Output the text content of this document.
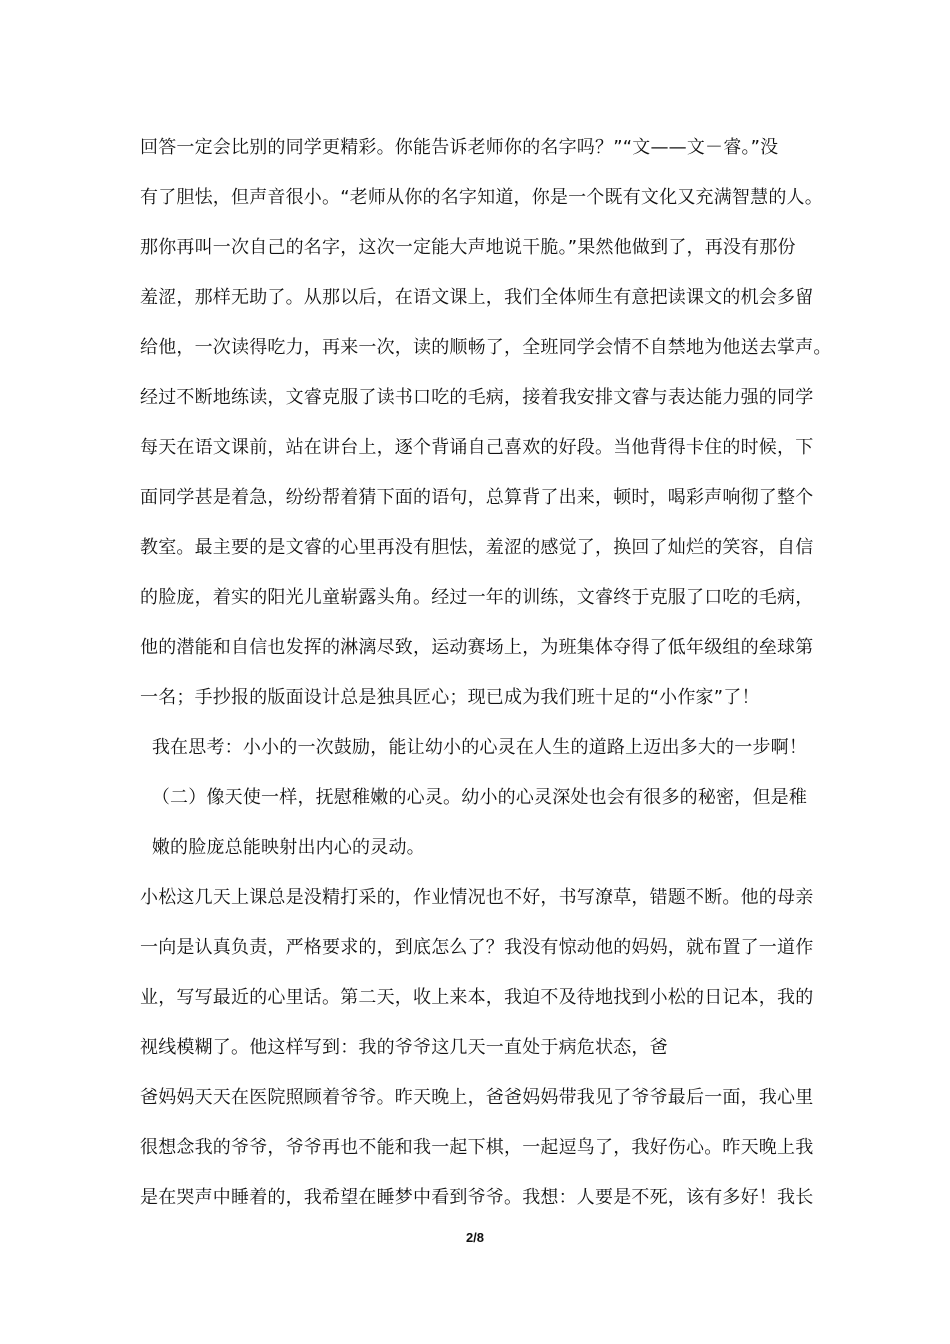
回答一定会比别的同学更精彩。你能告诉老师你的名字吗？”“文——文－睿。”没
有了胆怯，但声音很小。“老师从你的名字知道，你是一个既有文化又充满智慧的人。
那你再叫一次自己的名字，这次一定能大声地说干脆。”果然他做到了，再没有那份
羞涩，那样无助了。从那以后，在语文课上，我们全体师生有意把读课文的机会多留
给他，一次读得吃力，再来一次，读的顺畅了，全班同学会情不自禁地为他送去掌声。
经过不断地练读，文睿克服了读书口吃的毛病，接着我安排文睿与表达能力强的同学
每天在语文课前，站在讲台上，逐个背诵自己喜欢的好段。当他背得卡住的时候，下
面同学甚是着急，纷纷帮着猜下面的语句，总算背了出来，顿时，喝彩声响彻了整个
教室。最主要的是文睿的心里再没有胆怯，羞涩的感觉了，换回了灿烂的笑容，自信
的脸庞，着实的阳光儿童崭露头角。经过一年的训练，文睿终于克服了口吃的毛病，
他的潜能和自信也发挥的淋漓尽致，运动赛场上，为班集体夺得了低年级组的垒球第
一名；手抄报的版面设计总是独具匠心；现已成为我们班十足的“小作家”了！
我在思考：小小的一次鼓励，能让幼小的心灵在人生的道路上迈出多大的一步啊！
（二）像天使一样，抚慰稚嫩的心灵。幼小的心灵深处也会有很多的秘密，但是稚
嫩的脸庞总能映射出内心的灵动。
小松这几天上课总是没精打采的，作业情况也不好，书写潦草，错题不断。他的母亲
一向是认真负责，严格要求的，到底怎么了？我没有惊动他的妈妈，就布置了一道作
业，写写最近的心里话。第二天，收上来本，我迫不及待地找到小松的日记本，我的
视线模糊了。他这样写到：我的爷爷这几天一直处于病危状态，爸
爸妈妈天天在医院照顾着爷爷。昨天晚上，爸爸妈妈带我见了爷爷最后一面，我心里
很想念我的爷爷，爷爷再也不能和我一起下棋，一起逗鸟了，我好伤心。昨天晚上我
是在哭声中睡着的，我希望在睡梦中看到爷爷。我想：人要是不死，该有多好！我长
2/8
